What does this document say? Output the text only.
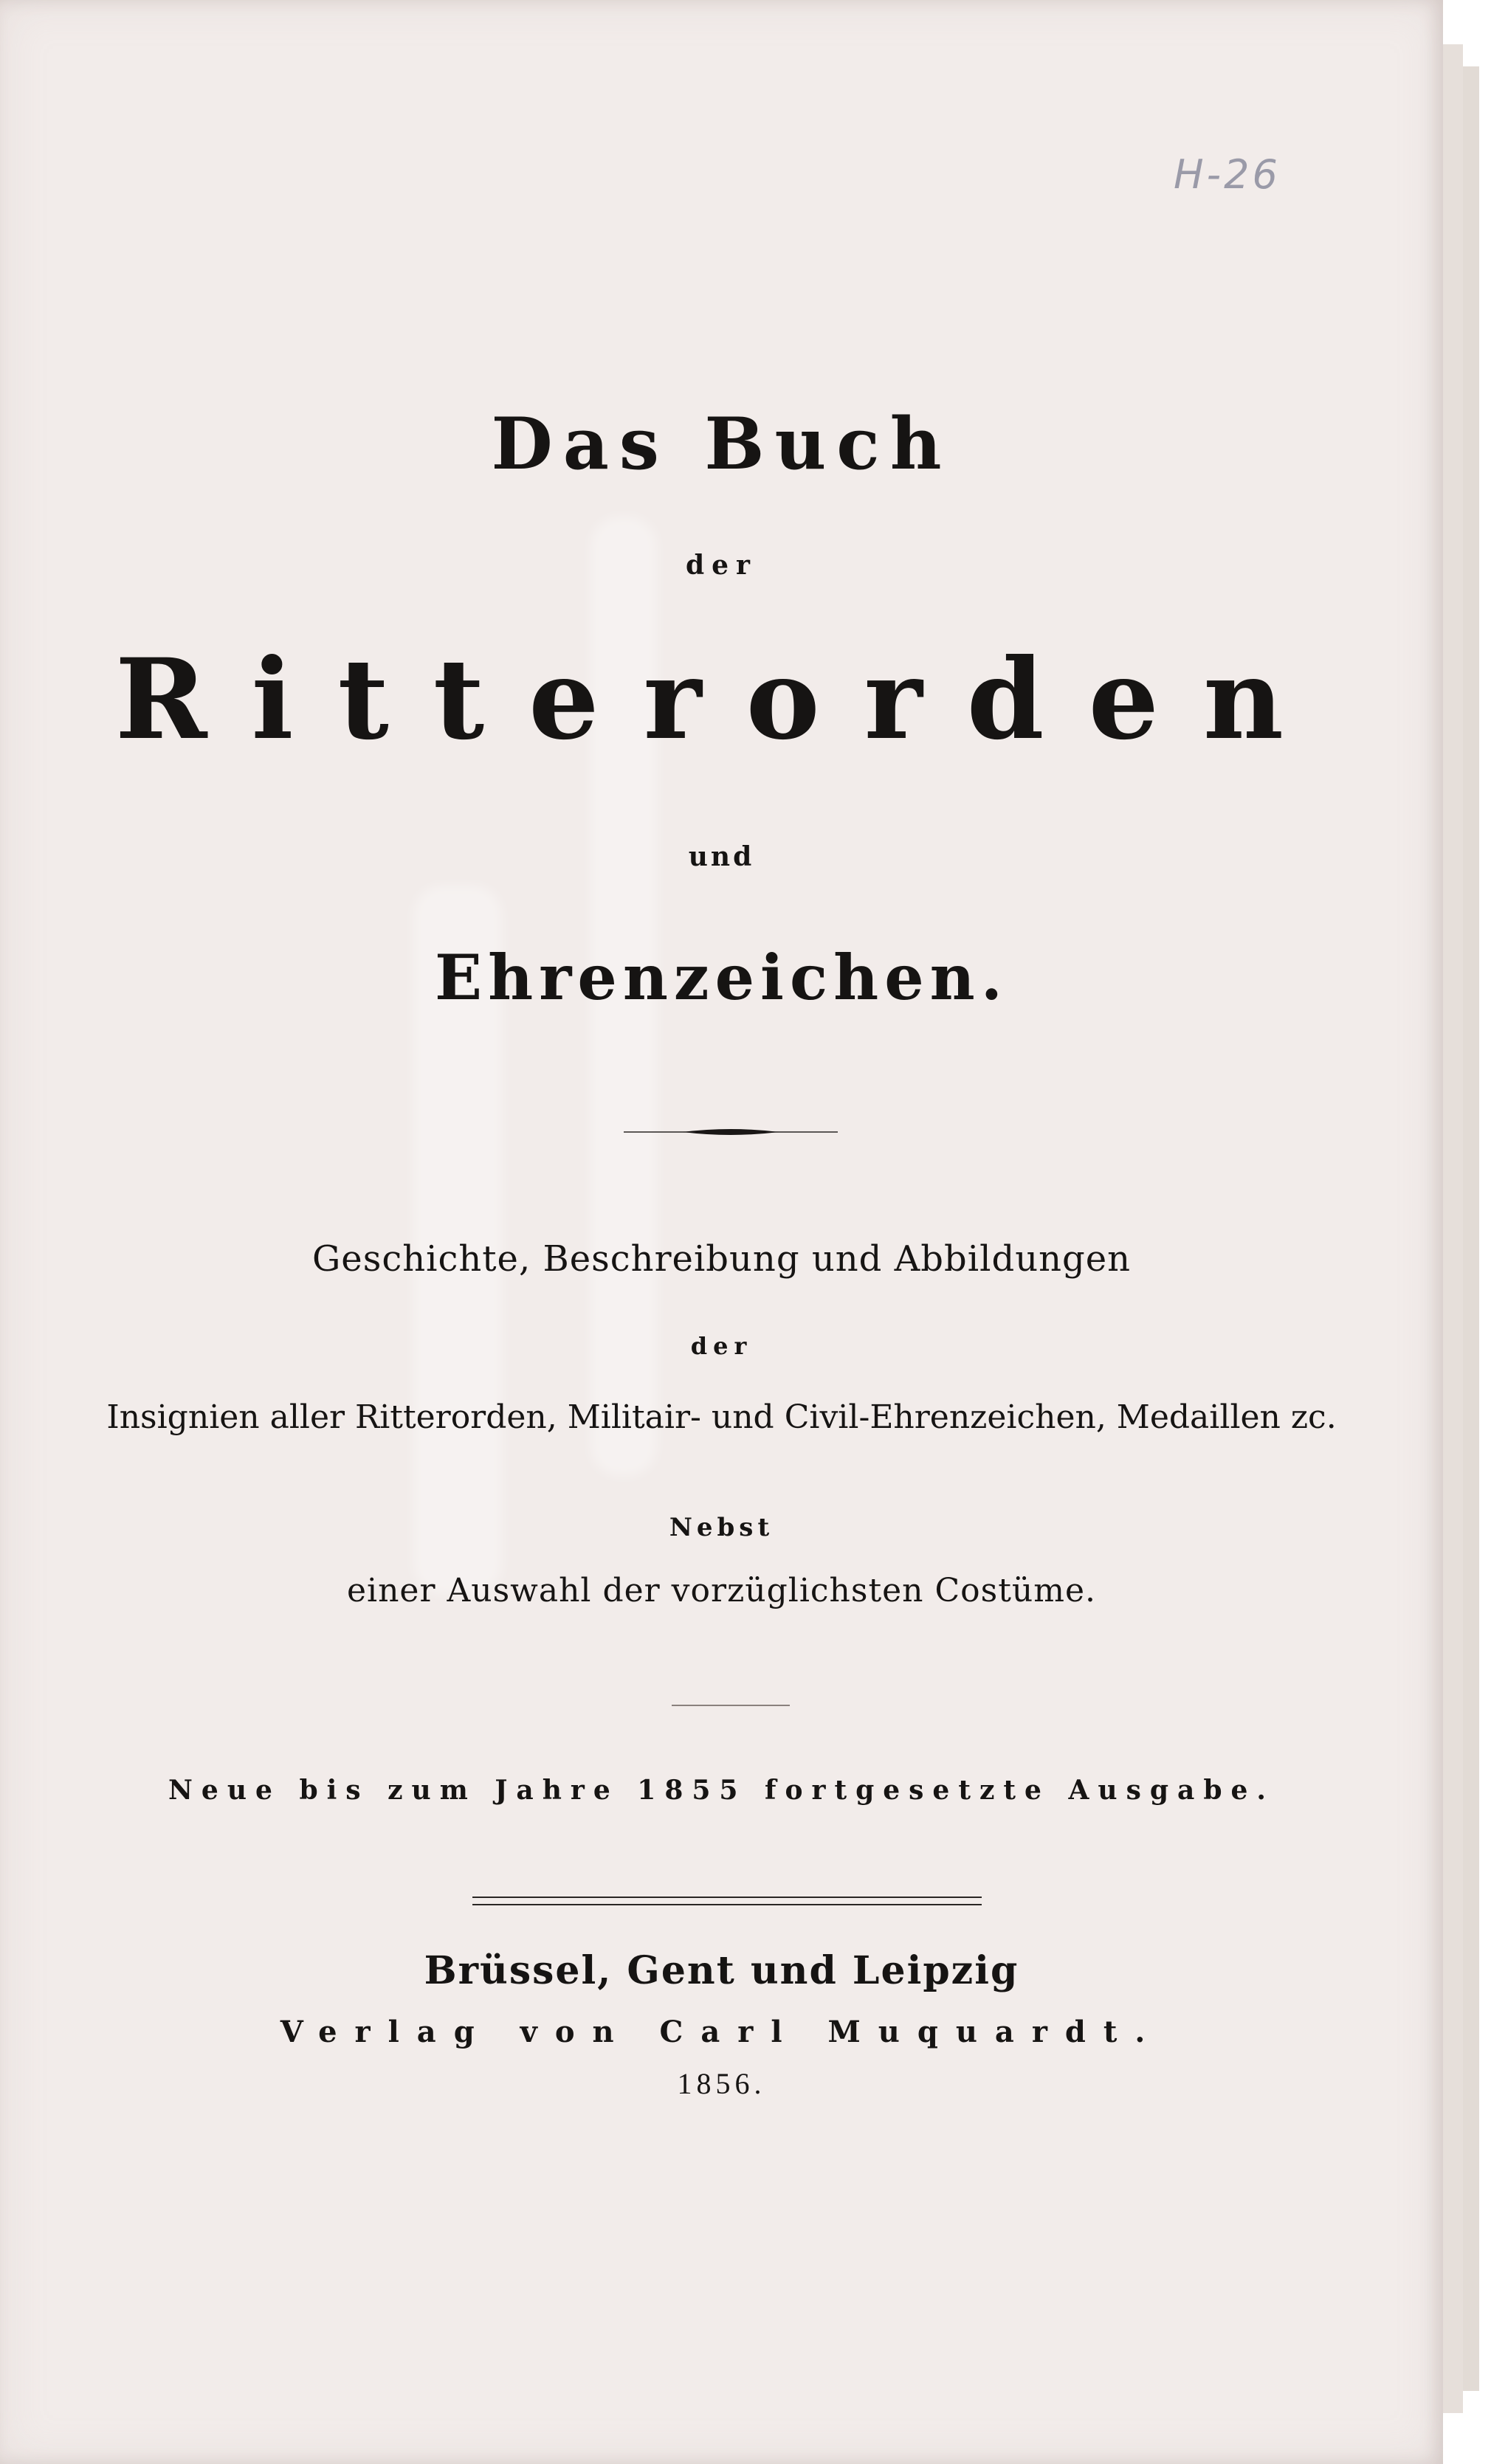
H-26
Das Buch
der
Ritterorden
und
Ehrenzeichen.
Geschichte, Beschreibung und Abbildungen
der
Insignien aller Ritterorden, Militair- und Civil-Ehrenzeichen, Medaillen zc.
Nebst
einer Auswahl der vorzüglichsten Costüme.
Neue bis zum Jahre 1855 fortgesetzte Ausgabe.
Brüssel, Gent und Leipzig
Verlag von Carl Muquardt.
1856.
